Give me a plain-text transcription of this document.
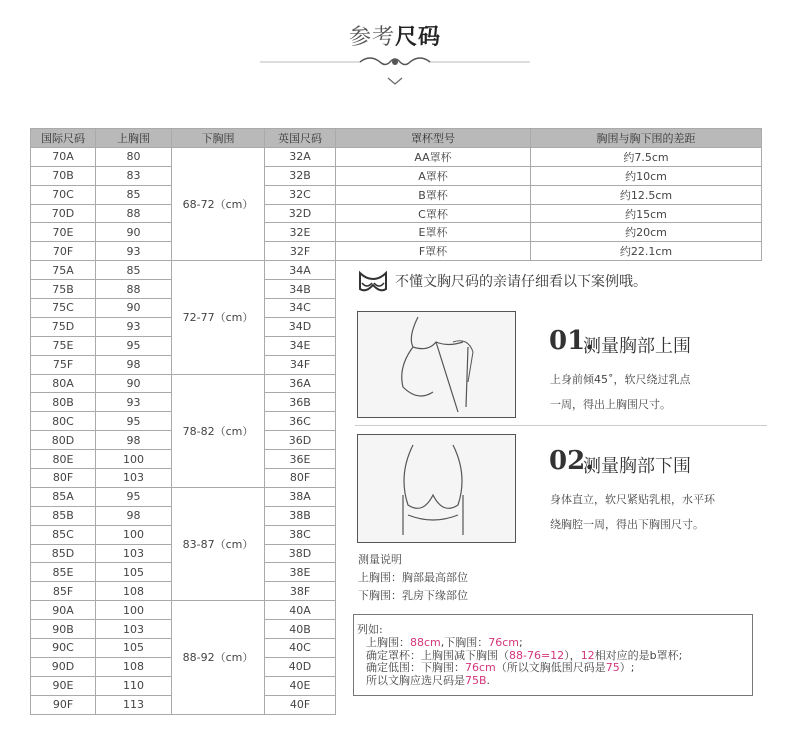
参考尺码
国际尺码	上胸围	下胸围	英国尺码	罩杯型号	胸围与胸下围的差距
70A	80	68-72（cm）	32A	AA罩杯	约7.5cm
70B	83		32B	A罩杯	约10cm
70C	85		32C	B罩杯	约12.5cm
70D	88		32D	C罩杯	约15cm
70E	90		32E	E罩杯	约20cm
70F	93		32F	F罩杯	约22.1cm
75A	85	72-77（cm）	34A		
75B	88		34B		
75C	90		34C		
75D	93		34D		
75E	95		34E		
75F	98		34F		
80A	90	78-82（cm）	36A		
80B	93		36B		
80C	95		36C		
80D	98		36D		
80E	100		36E		
80F	103		80F		
85A	95	83-87（cm）	38A		
85B	98		38B		
85C	100		38C		
85D	103		38D		
85E	105		38E		
85F	108		38F		
90A	100	88-92（cm）	40A		
90B	103		40B		
90C	105		40C		
90D	108		40D		
90E	110		40E		
90F	113		40F		
不懂文胸尺码的亲请仔细看以下案例哦。
01.
测量胸部上围
上身前倾45˚，软尺绕过乳点
一周，得出上胸围尺寸。
02.
测量胸部下围
身体直立，软尺紧贴乳根，水平环
绕胸腔一周，得出下胸围尺寸。
测量说明
上胸围：胸部最高部位
下胸围：乳房下缘部位
列如:
上胸围：88cm,下胸围：76cm;
确定罩杯：上胸围减下胸围（88-76=12），12相对应的是b罩杯;
确定低围：下胸围：76cm（所以文胸低围尺码是75）;
所以文胸应选尺码是75B.
